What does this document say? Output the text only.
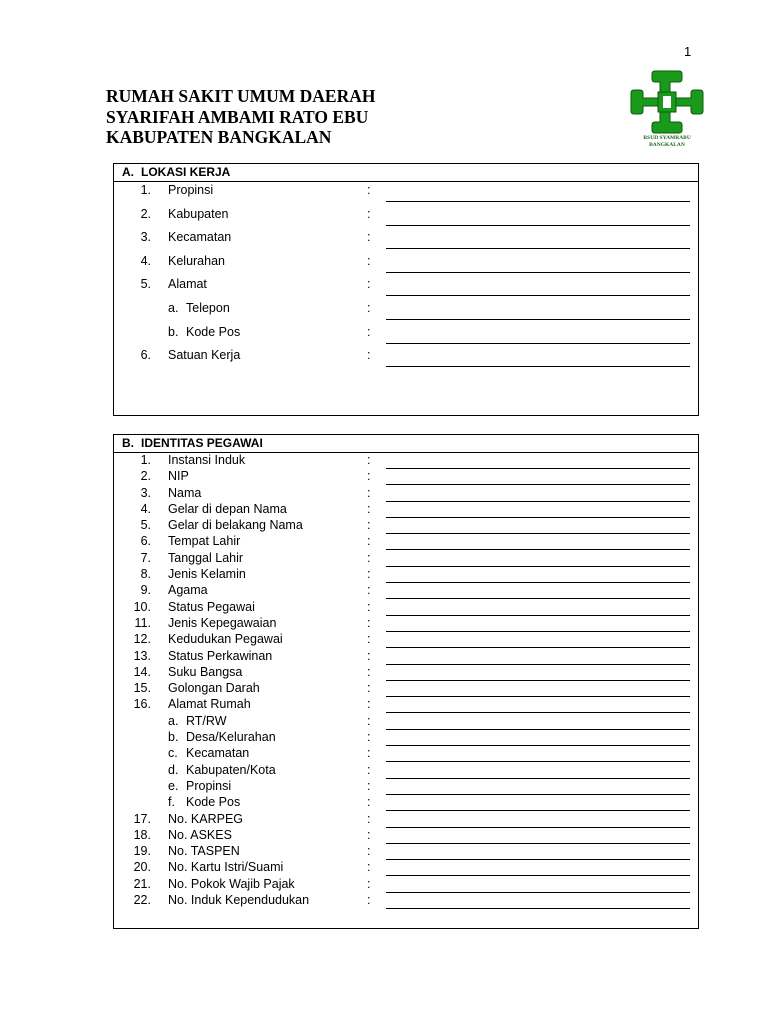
1
RUMAH SAKIT UMUM DAERAH
SYARIFAH AMBAMI RATO EBU
KABUPATEN BANGKALAN	RSUD SYAMRABU
BANGKALAN
A. LOKASI KERJA
1. Propinsi	:
2. Kabupaten	:
3. Kecamatan	:
4. Kelurahan	:
5. Alamat	:
a. Telepon	:
b. Kode Pos	:
6. Satuan Kerja	:
B. IDENTITAS PEGAWAI
1. Instansi Induk	:
2. NIP	:
3. Nama	:
4. Gelar di depan Nama	:
5. Gelar di belakang Nama	:
6. Tempat Lahir	:
7. Tanggal Lahir	:
8. Jenis Kelamin	:
9. Agama	:
10. Status Pegawai	:
11. Jenis Kepegawaian	:
12. Kedudukan Pegawai	:
13. Status Perkawinan	:
14. Suku Bangsa	:
15. Golongan Darah	:
16. Alamat Rumah	:
a. RT/RW	:
b. Desa/Kelurahan	:
c. Kecamatan	:
d. Kabupaten/Kota	:
e. Propinsi	:
f. Kode Pos	:
17. No. KARPEG	:
18. No. ASKES	:
19. No. TASPEN	:
20. No. Kartu Istri/Suami	:
21. No. Pokok Wajib Pajak	:
22. No. Induk Kependudukan	:
